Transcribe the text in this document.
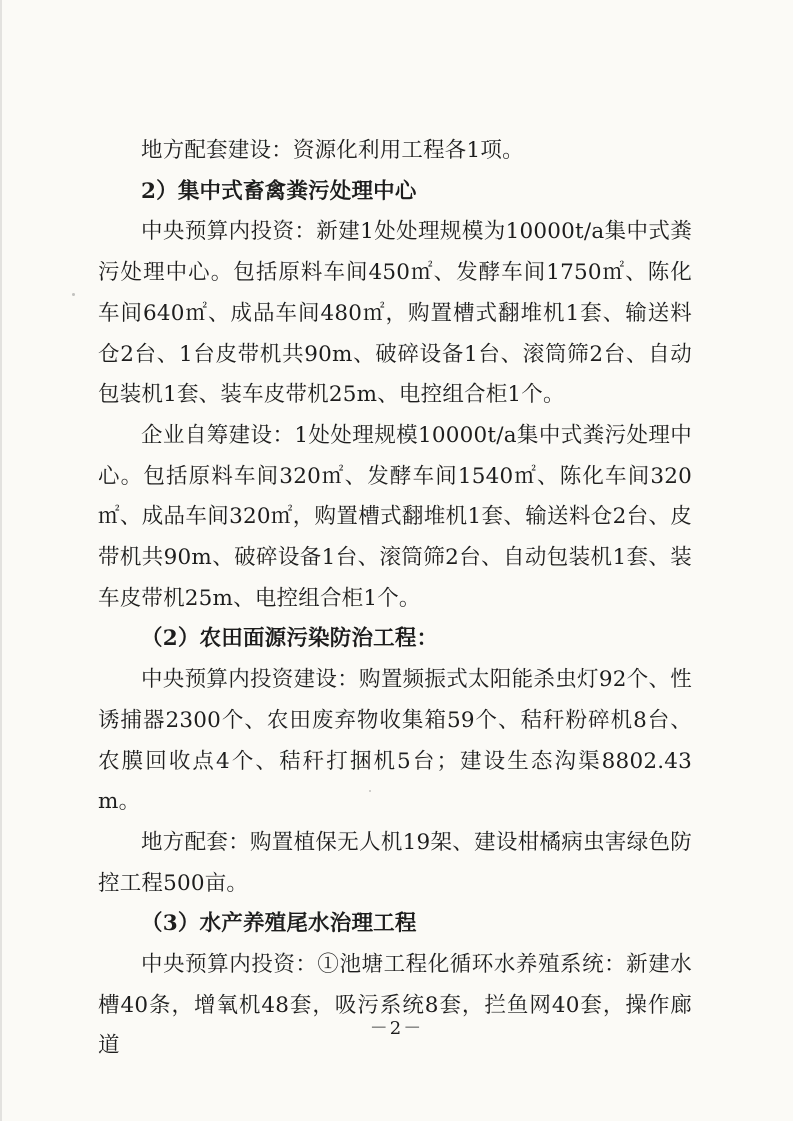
地方配套建设：资源化利用工程各1项。

2）集中式畜禽粪污处理中心

中央预算内投资：新建1处处理规模为10000t/a集中式粪污处理中心。包括原料车间450㎡、发酵车间1750㎡、陈化车间640㎡、成品车间480㎡，购置槽式翻堆机1套、输送料仓2台、1台皮带机共90m、破碎设备1台、滚筒筛2台、自动包装机1套、装车皮带机25m、电控组合柜1个。

企业自筹建设：1处处理规模10000t/a集中式粪污处理中心。包括原料车间320㎡、发酵车间1540㎡、陈化车间320㎡、成品车间320㎡，购置槽式翻堆机1套、输送料仓2台、皮带机共90m、破碎设备1台、滚筒筛2台、自动包装机1套、装车皮带机25m、电控组合柜1个。

（2）农田面源污染防治工程：

中央预算内投资建设：购置频振式太阳能杀虫灯92个、性诱捕器2300个、农田废弃物收集箱59个、秸秆粉碎机8台、农膜回收点4个、秸秆打捆机5台；建设生态沟渠8802.43m。

地方配套：购置植保无人机19架、建设柑橘病虫害绿色防控工程500亩。

（3）水产养殖尾水治理工程

中央预算内投资：①池塘工程化循环水养殖系统：新建水槽40条，增氧机48套，吸污系统8套，拦鱼网40套，操作廊道

－2－
